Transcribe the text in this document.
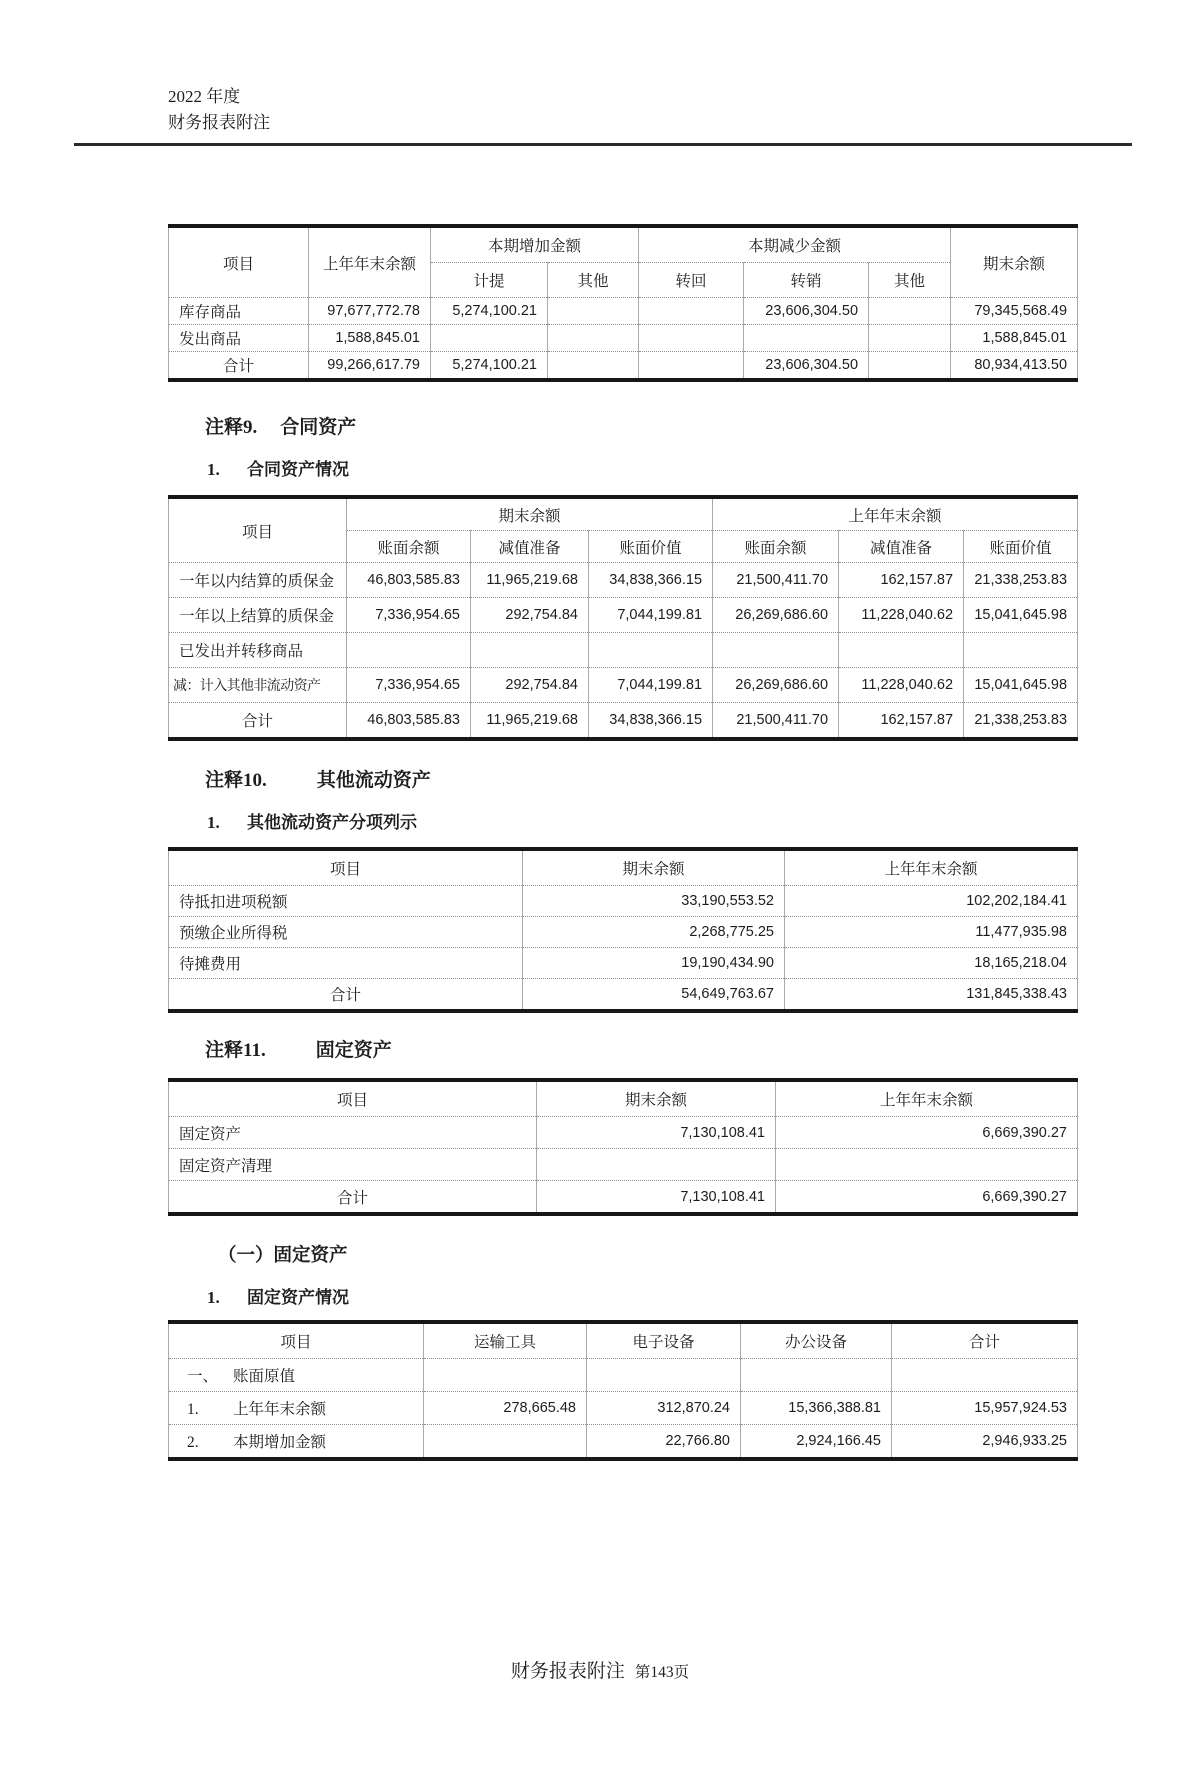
2022 年度
财务报表附注
项目	上年年末余额	本期增加金额		本期减少金额			期末余额
		计提	其他	转回	转销	其他	
库存商品	97,677,772.78	5,274,100.21			23,606,304.50		79,345,568.49
发出商品	1,588,845.01						1,588,845.01
合计	99,266,617.79	5,274,100.21			23,606,304.50		80,934,413.50
注释9. 合同资产
1. 合同资产情况
项目	期末余额			上年年末余额		
	账面余额	减值准备	账面价值	账面余额	减值准备	账面价值
一年以内结算的质保金	46,803,585.83	11,965,219.68	34,838,366.15	21,500,411.70	162,157.87	21,338,253.83
一年以上结算的质保金	7,336,954.65	292,754.84	7,044,199.81	26,269,686.60	11,228,040.62	15,041,645.98
已发出并转移商品						
减：计入其他非流动资产	7,336,954.65	292,754.84	7,044,199.81	26,269,686.60	11,228,040.62	15,041,645.98
合计	46,803,585.83	11,965,219.68	34,838,366.15	21,500,411.70	162,157.87	21,338,253.83
注释10.	其他流动资产
1. 其他流动资产分项列示
项目	期末余额	上年年末余额
待抵扣进项税额	33,190,553.52	102,202,184.41
预缴企业所得税	2,268,775.25	11,477,935.98
待摊费用	19,190,434.90	18,165,218.04
合计	54,649,763.67	131,845,338.43
注释11.	固定资产
项目	期末余额	上年年末余额
固定资产	7,130,108.41	6,669,390.27
固定资产清理		
合计	7,130,108.41	6,669,390.27
（一）固定资产
1. 固定资产情况
项目	运输工具	电子设备	办公设备	合计
一、 账面原值				
1. 上年年末余额	278,665.48	312,870.24	15,366,388.81	15,957,924.53
2. 本期增加金额		22,766.80	2,924,166.45	2,946,933.25
财务报表附注 第143页
